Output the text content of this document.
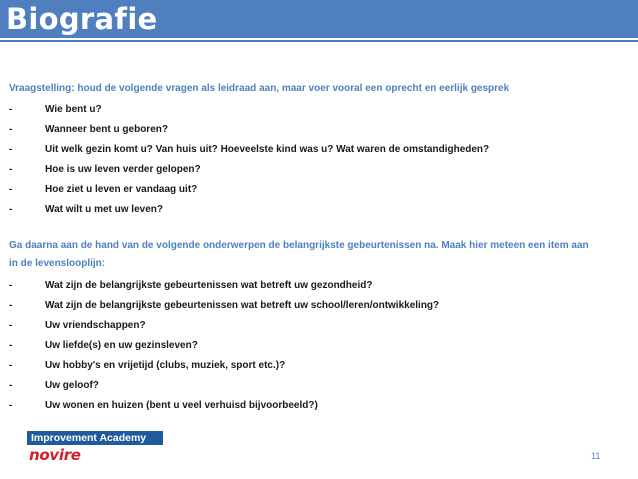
Biografie

Vraagstelling: houd de volgende vragen als leidraad aan, maar voer vooral een oprecht en eerlijk gesprek

-	Wie bent u?
-	Wanneer bent u geboren?
-	Uit welk gezin komt u? Van huis uit? Hoeveelste kind was u? Wat waren de omstandigheden?
-	Hoe is uw leven verder gelopen?
-	Hoe ziet u leven er vandaag uit?
-	Wat wilt u met uw leven?

Ga daarna aan de hand van de volgende onderwerpen de belangrijkste gebeurtenissen na. Maak hier meteen een item aan
in de levenslooplijn:

-	Wat zijn de belangrijkste gebeurtenissen wat betreft uw gezondheid?
-	Wat zijn de belangrijkste gebeurtenissen wat betreft uw school/leren/ontwikkeling?
-	Uw vriendschappen?
-	Uw liefde(s) en uw gezinsleven?
-	Uw hobby's en vrijetijd (clubs, muziek, sport etc.)?
-	Uw geloof?
-	Uw wonen en huizen (bent u veel verhuisd bijvoorbeeld?)
Improvement Academy
novire	11
